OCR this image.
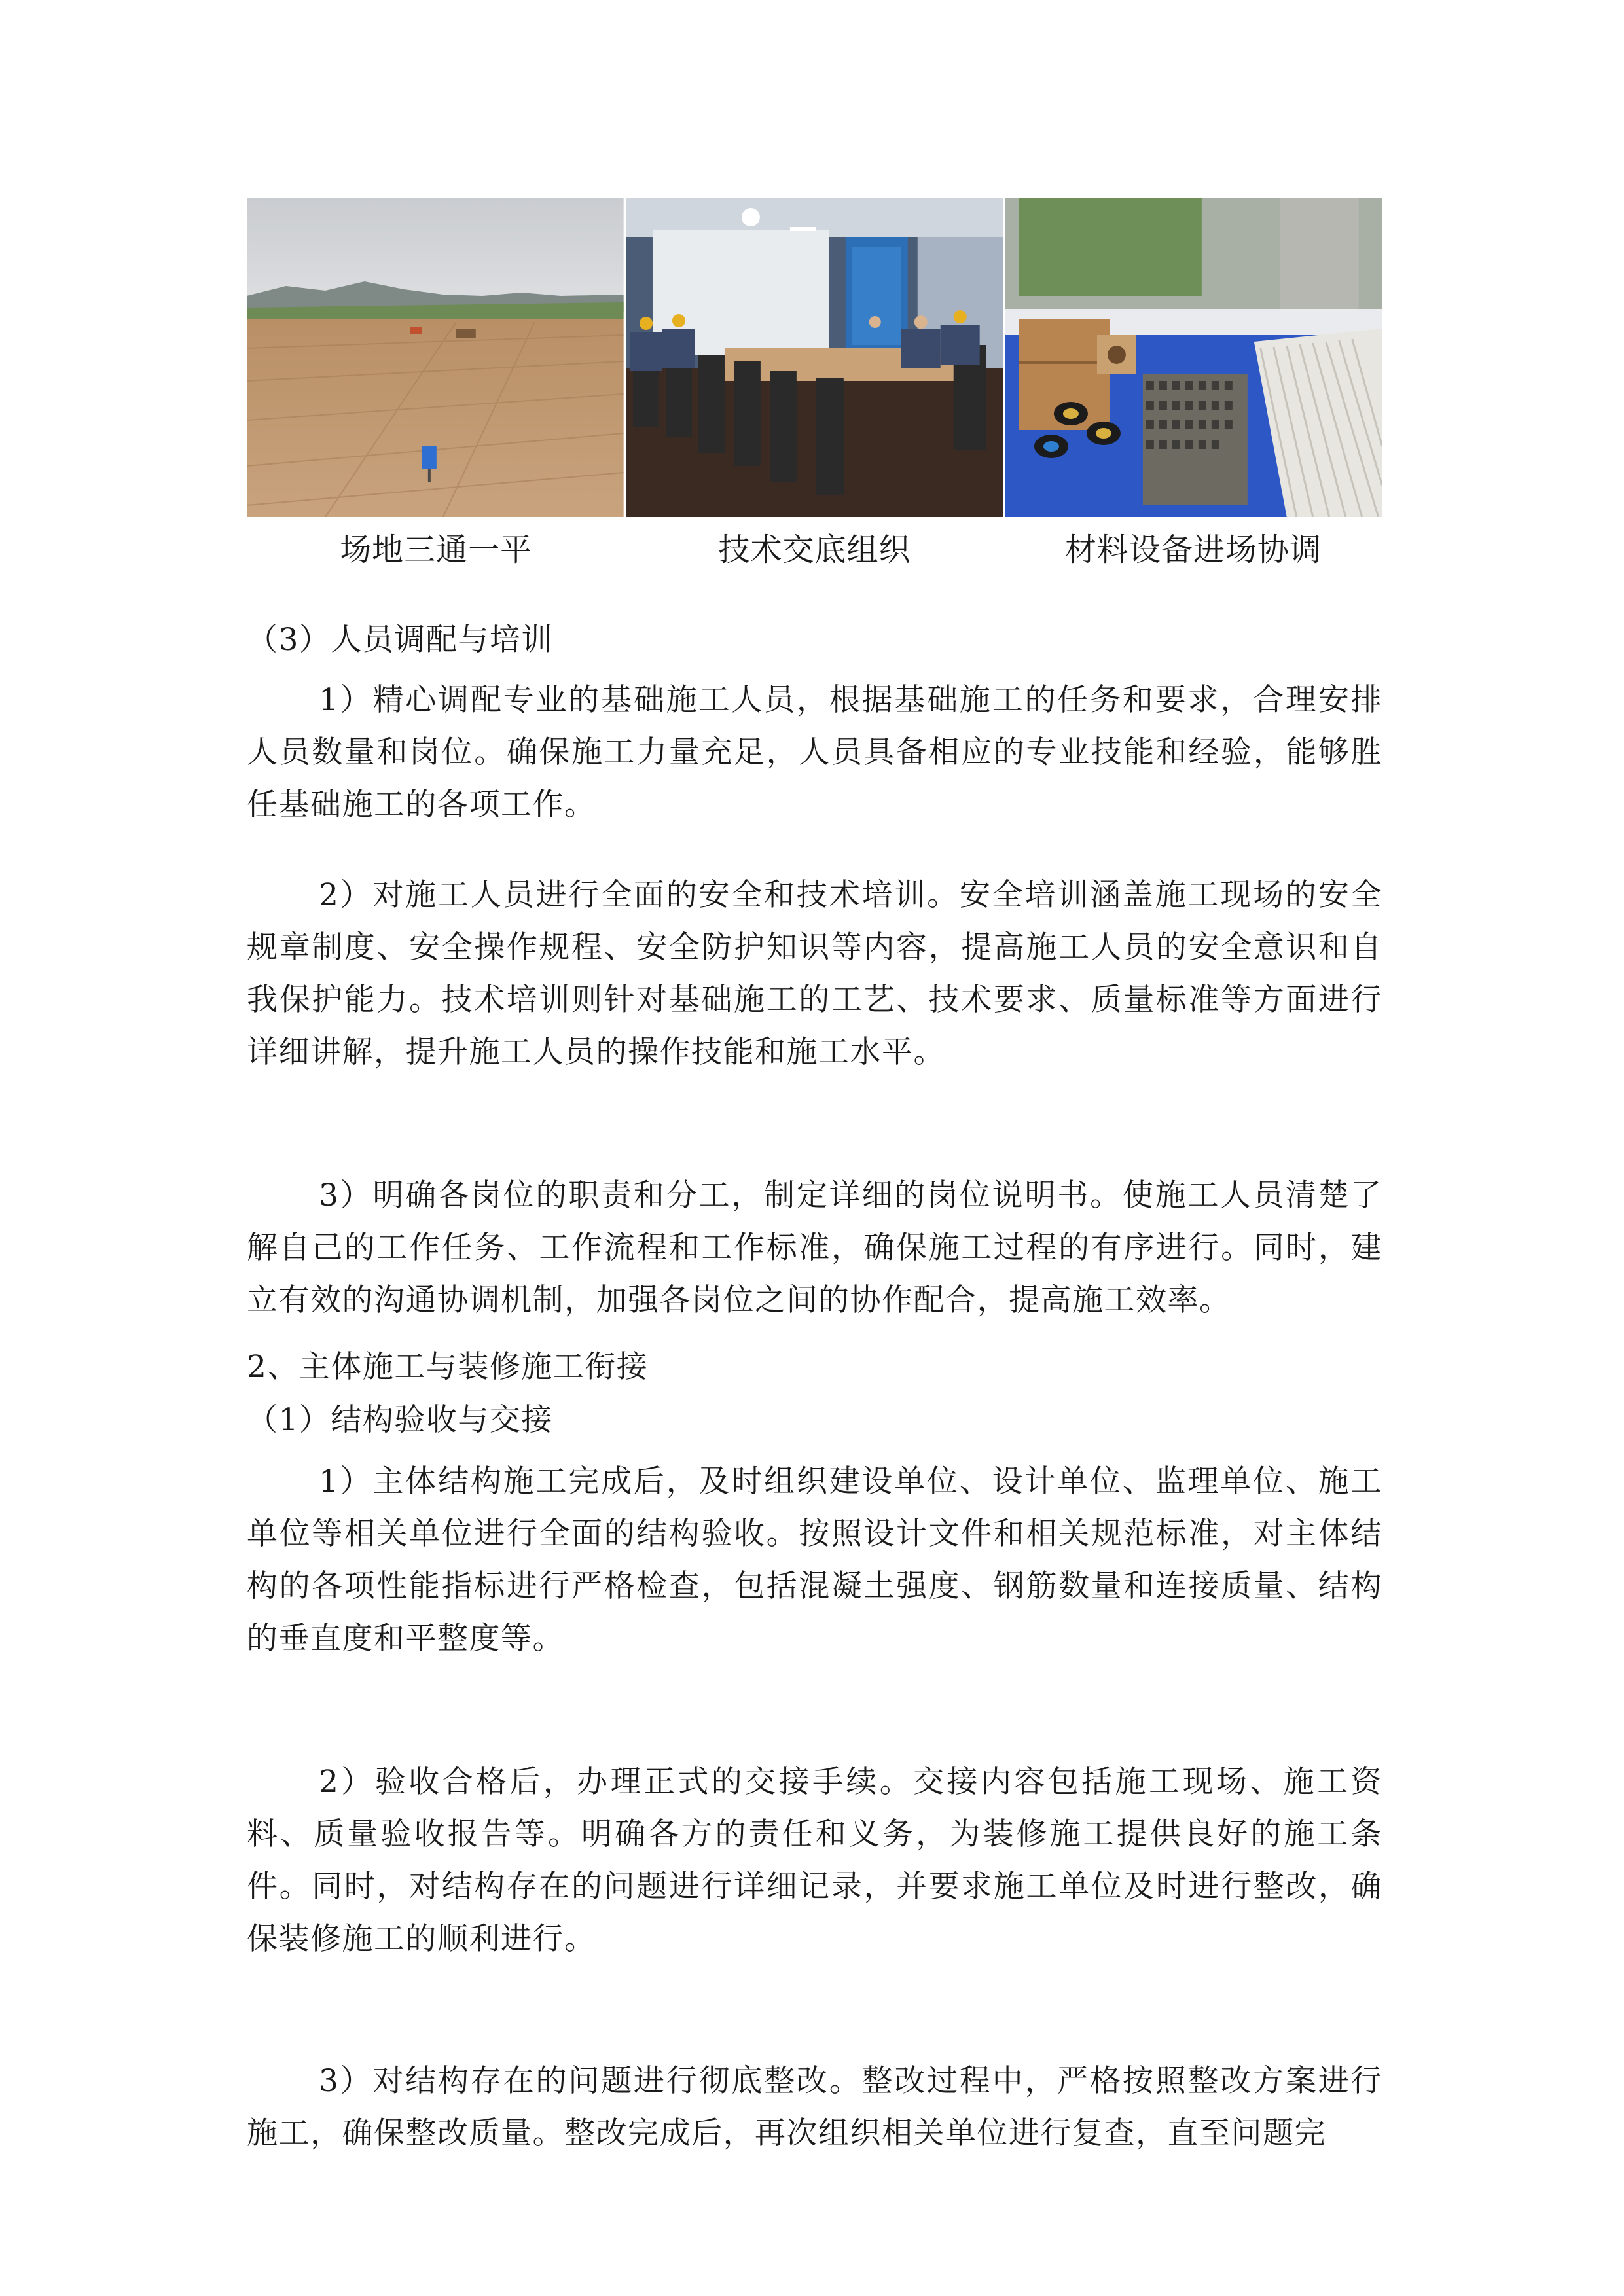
场地三通一平	技术交底组织	材料设备进场协调
（3）人员调配与培训
1）精心调配专业的基础施工人员，根据基础施工的任务和要求，合理安排人员数量和岗位。确保施工力量充足，人员具备相应的专业技能和经验，能够胜任基础施工的各项工作。
2）对施工人员进行全面的安全和技术培训。安全培训涵盖施工现场的安全规章制度、安全操作规程、安全防护知识等内容，提高施工人员的安全意识和自我保护能力。技术培训则针对基础施工的工艺、技术要求、质量标准等方面进行详细讲解，提升施工人员的操作技能和施工水平。
3）明确各岗位的职责和分工，制定详细的岗位说明书。使施工人员清楚了解自己的工作任务、工作流程和工作标准，确保施工过程的有序进行。同时，建立有效的沟通协调机制，加强各岗位之间的协作配合，提高施工效率。
2、主体施工与装修施工衔接
（1）结构验收与交接
1）主体结构施工完成后，及时组织建设单位、设计单位、监理单位、施工单位等相关单位进行全面的结构验收。按照设计文件和相关规范标准，对主体结构的各项性能指标进行严格检查，包括混凝土强度、钢筋数量和连接质量、结构的垂直度和平整度等。
2）验收合格后，办理正式的交接手续。交接内容包括施工现场、施工资料、质量验收报告等。明确各方的责任和义务，为装修施工提供良好的施工条件。同时，对结构存在的问题进行详细记录，并要求施工单位及时进行整改，确保装修施工的顺利进行。
3）对结构存在的问题进行彻底整改。整改过程中，严格按照整改方案进行施工，确保整改质量。整改完成后，再次组织相关单位进行复查，直至问题完
